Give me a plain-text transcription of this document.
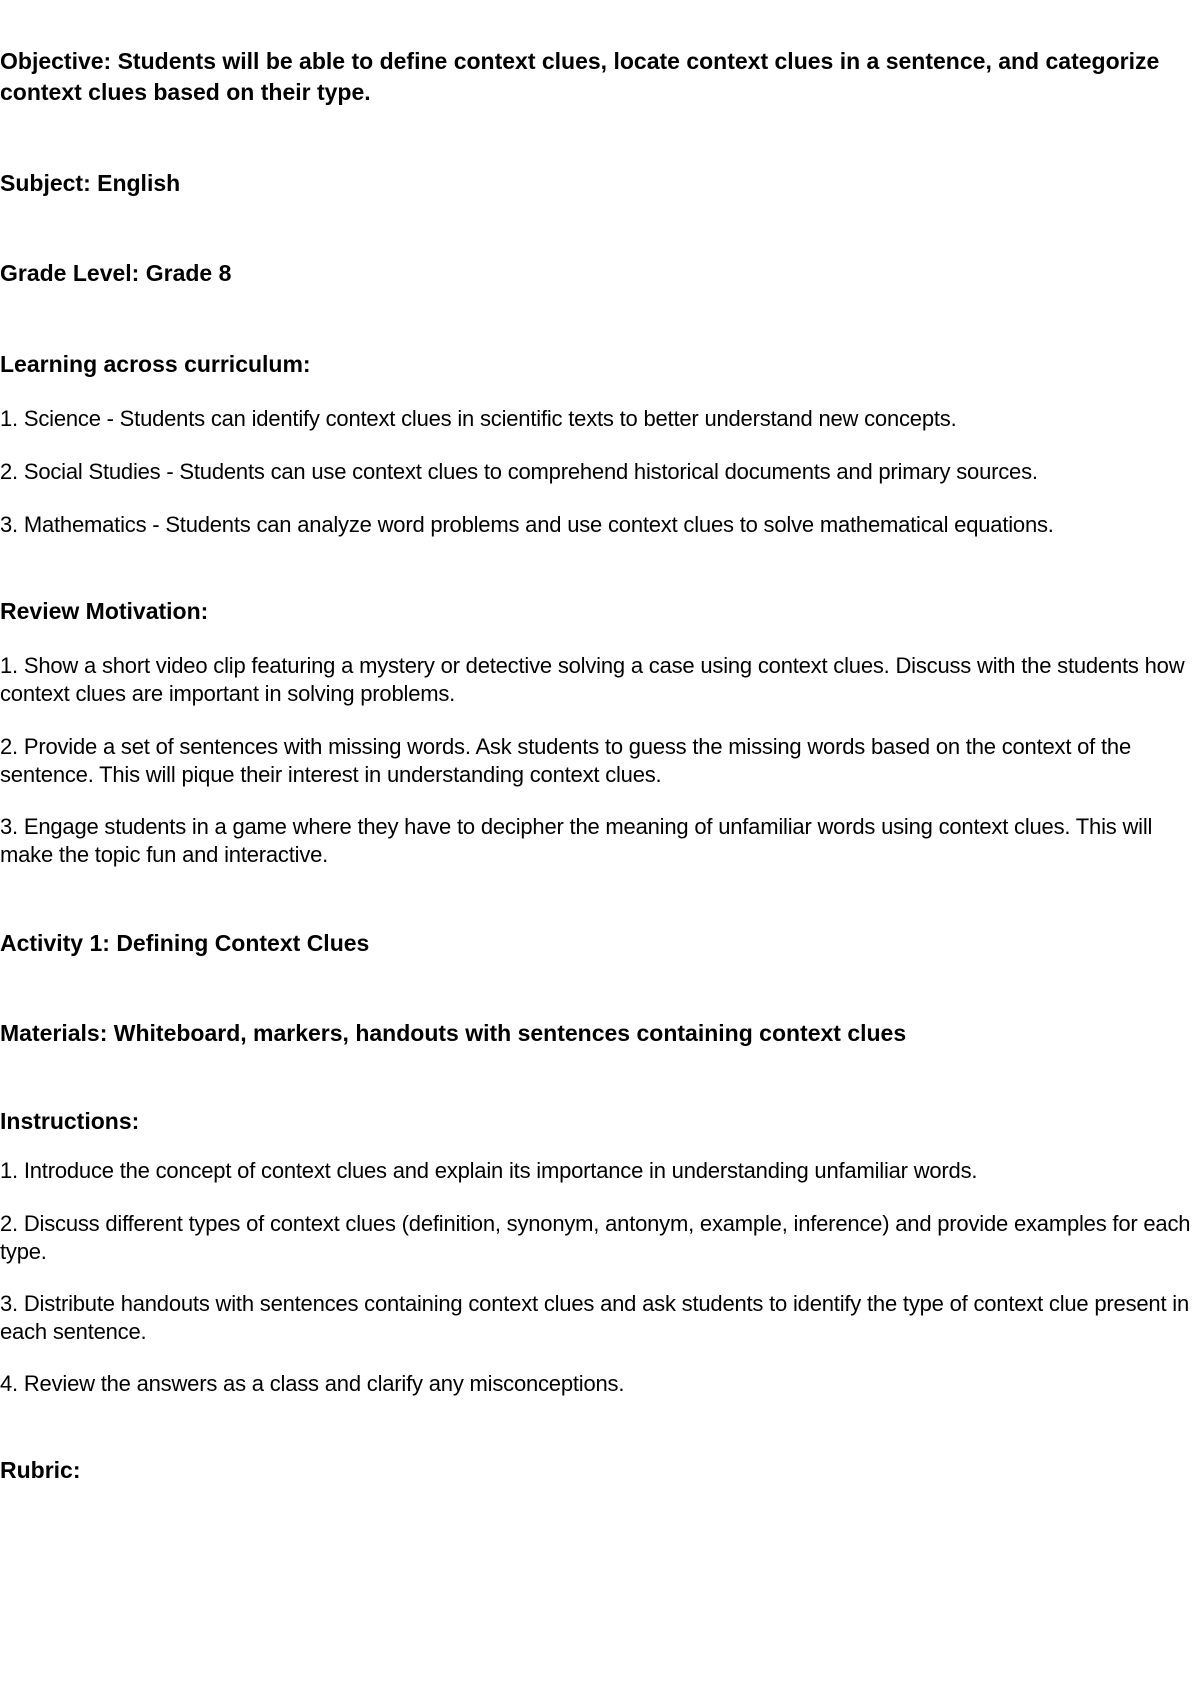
Objective: Students will be able to define context clues, locate context clues in a sentence, and categorize context clues based on their type.

Subject: English

Grade Level: Grade 8

Learning across curriculum:

1. Science - Students can identify context clues in scientific texts to better understand new concepts.

2. Social Studies - Students can use context clues to comprehend historical documents and primary sources.

3. Mathematics - Students can analyze word problems and use context clues to solve mathematical equations.

Review Motivation:

1. Show a short video clip featuring a mystery or detective solving a case using context clues. Discuss with the students how context clues are important in solving problems.

2. Provide a set of sentences with missing words. Ask students to guess the missing words based on the context of the sentence. This will pique their interest in understanding context clues.

3. Engage students in a game where they have to decipher the meaning of unfamiliar words using context clues. This will make the topic fun and interactive.

Activity 1: Defining Context Clues

Materials: Whiteboard, markers, handouts with sentences containing context clues

Instructions:

1. Introduce the concept of context clues and explain its importance in understanding unfamiliar words.

2. Discuss different types of context clues (definition, synonym, antonym, example, inference) and provide examples for each type.

3. Distribute handouts with sentences containing context clues and ask students to identify the type of context clue present in each sentence.

4. Review the answers as a class and clarify any misconceptions.

Rubric:
